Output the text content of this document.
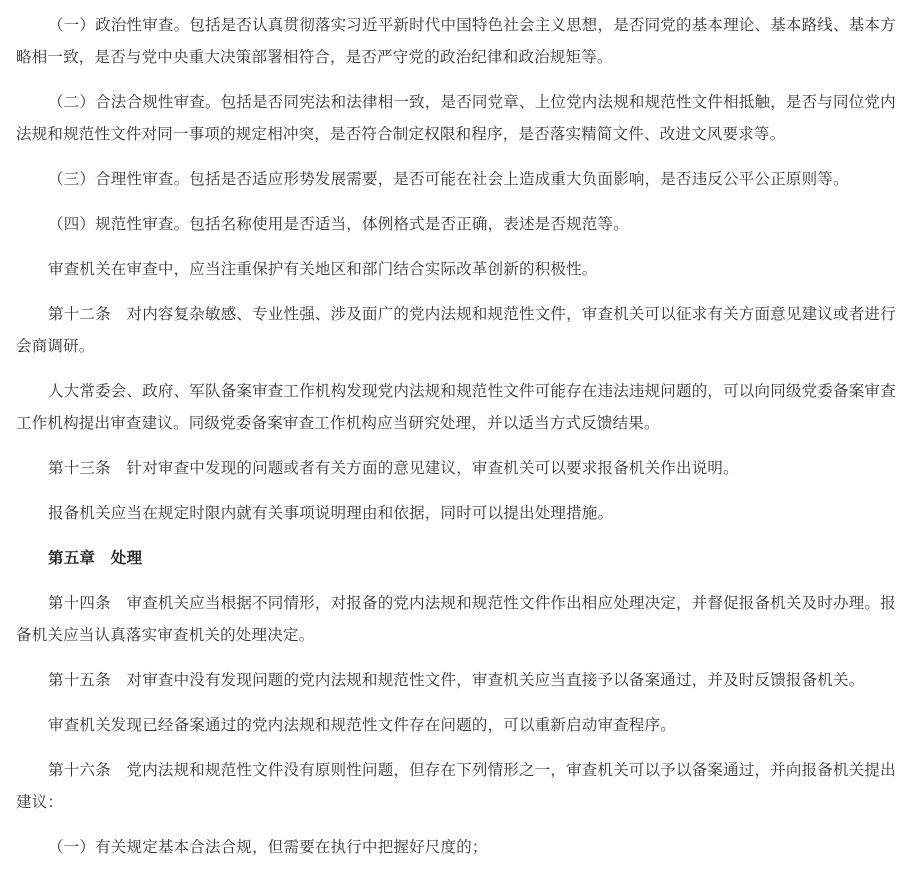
（一）政治性审查。包括是否认真贯彻落实习近平新时代中国特色社会主义思想，是否同党的基本理论、基本路线、基本方略相一致，是否与党中央重大决策部署相符合，是否严守党的政治纪律和政治规矩等。

（二）合法合规性审查。包括是否同宪法和法律相一致，是否同党章、上位党内法规和规范性文件相抵触，是否与同位党内法规和规范性文件对同一事项的规定相冲突，是否符合制定权限和程序，是否落实精简文件、改进文风要求等。

（三）合理性审查。包括是否适应形势发展需要，是否可能在社会上造成重大负面影响，是否违反公平公正原则等。

（四）规范性审查。包括名称使用是否适当，体例格式是否正确，表述是否规范等。

审查机关在审查中，应当注重保护有关地区和部门结合实际改革创新的积极性。

第十二条　对内容复杂敏感、专业性强、涉及面广的党内法规和规范性文件，审查机关可以征求有关方面意见建议或者进行会商调研。

人大常委会、政府、军队备案审查工作机构发现党内法规和规范性文件可能存在违法违规问题的，可以向同级党委备案审查工作机构提出审查建议。同级党委备案审查工作机构应当研究处理，并以适当方式反馈结果。

第十三条　针对审查中发现的问题或者有关方面的意见建议，审查机关可以要求报备机关作出说明。

报备机关应当在规定时限内就有关事项说明理由和依据，同时可以提出处理措施。

第五章　处理

第十四条　审查机关应当根据不同情形，对报备的党内法规和规范性文件作出相应处理决定，并督促报备机关及时办理。报备机关应当认真落实审查机关的处理决定。

第十五条　对审查中没有发现问题的党内法规和规范性文件，审查机关应当直接予以备案通过，并及时反馈报备机关。

审查机关发现已经备案通过的党内法规和规范性文件存在问题的，可以重新启动审查程序。

第十六条　党内法规和规范性文件没有原则性问题，但存在下列情形之一，审查机关可以予以备案通过，并向报备机关提出建议：

（一）有关规定基本合法合规，但需要在执行中把握好尺度的；
